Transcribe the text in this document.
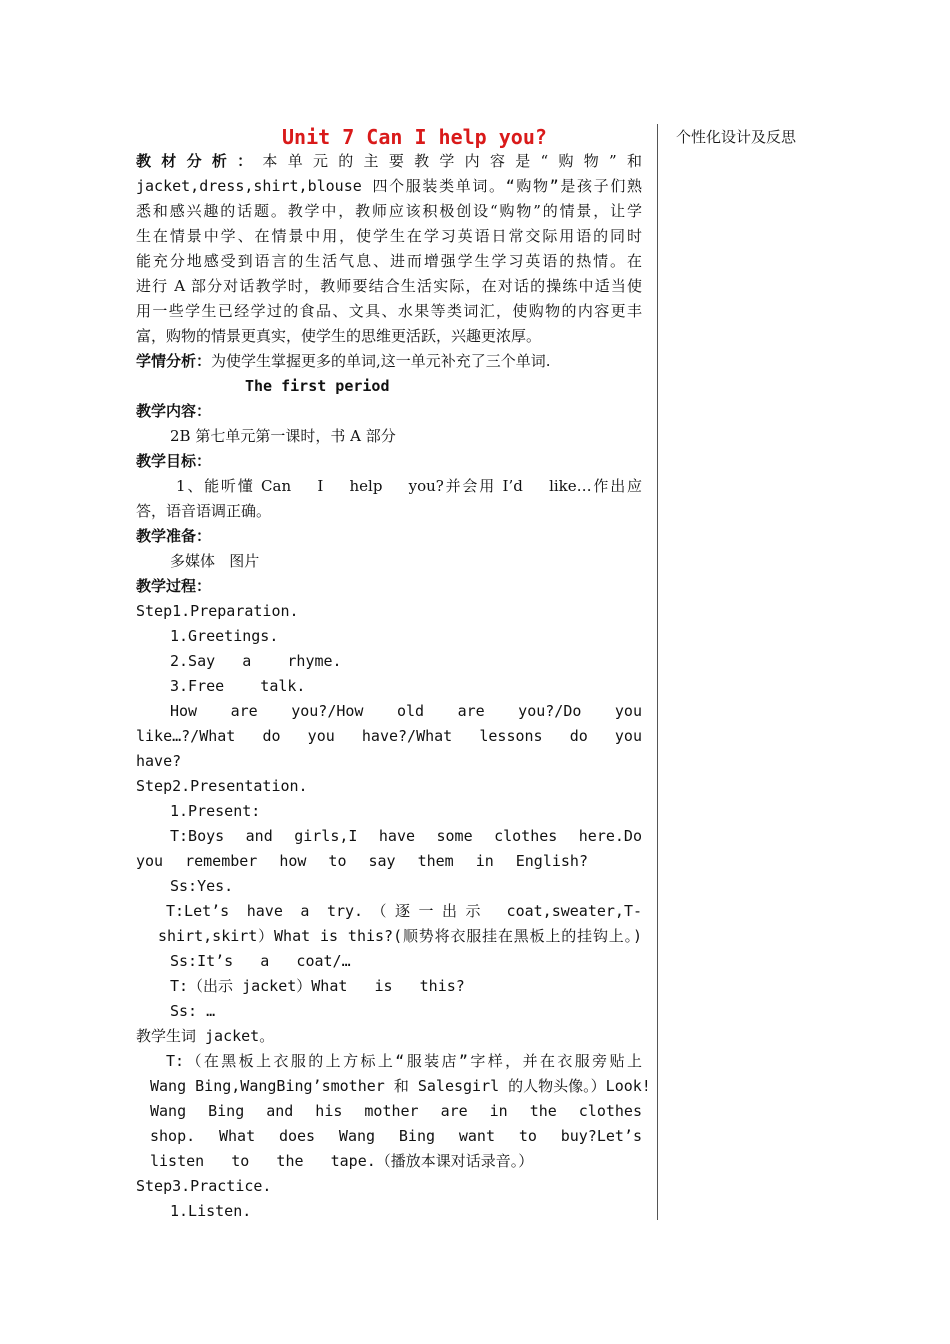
个性化设计及反思
Unit 7 Can I help you?
教材分析：本单元的主要教学内容是“购物”和
jacket,dress,shirt,blouse 四个服装类单词。“购物”是孩子们熟
悉和感兴趣的话题。教学中，教师应该积极创设“购物”的情景，让学
生在情景中学、在情景中用，使学生在学习英语日常交际用语的同时
能充分地感受到语言的生活气息、进而增强学生学习英语的热情。在
进行 A 部分对话教学时，教师要结合生活实际，在对话的操练中适当使
用一些学生已经学过的食品、文具、水果等类词汇，使购物的内容更丰
富，购物的情景更真实，使学生的思维更活跃，兴趣更浓厚。
学情分析：为使学生掌握更多的单词,这一单元补充了三个单词.
The first period
教学内容：
2B 第七单元第一课时，书 A 部分
教学目标：
1、能听懂 Can    I    help    you?并会用 I’d    like…作出应
答，语音语调正确。
教学准备：
多媒体   图片
教学过程：
Step1.Preparation.
1.Greetings.
2.Say   a    rhyme.
3.Free    talk.
How are you?/How old are you?/Do you
like…?/What do you have?/What lessons do you
have?
Step2.Presentation.
1.Present:
T:Boys and girls,I have some clothes here.Do
you remember how to say them in English?
Ss:Yes.
T:Let’s have a try.（逐一出示 coat,sweater,T-
shirt,skirt）What is this?(顺势将衣服挂在黑板上的挂钩上。)
Ss:It’s   a   coat/…
T:（出示 jacket）What   is   this?
Ss: …
教学生词 jacket。
T:（在黑板上衣服的上方标上“服装店”字样，并在衣服旁贴上
Wang Bing,WangBing’smother 和 Salesgirl 的人物头像。）Look!
Wang Bing and his mother are in the clothes
shop. What does Wang Bing want to buy?Let’s
listen   to   the   tape.（播放本课对话录音。）
Step3.Practice.
1.Listen.
